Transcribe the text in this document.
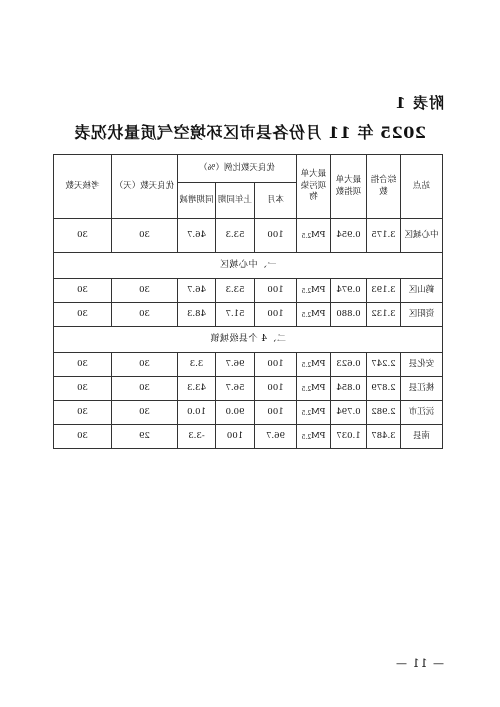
附表 1
2025 年 11 月份各县市区环境空气质量状况表
站点	综合指数	最大单项指数	最大单项污染物	优良天数比例（%）			优良天数（天）	考核天数
				本月	上年同期	同期增减		
中心城区	3.175	0.954	$PM_{2.5}$	100	53.3	46.7	30	30
一、中心城区								
鹤山区	3.193	0.974	$PM_{2.5}$	100	53.3	46.7	30	30
资阳区	3.132	0.880	$PM_{2.5}$	100	51.7	48.3	30	30
二、4 个县级城镇								
安化县	2.247	0.623	$PM_{2.5}$	100	96.7	3.3	30	30
桃江县	2.879	0.854	$PM_{2.5}$	100	56.7	43.3	30	30
沅江市	2.982	0.794	$PM_{2.5}$	100	90.0	10.0	30	30
南县	3.487	1.037	$PM_{2.5}$	96.7	100	-3.3	29	30
— 11 —
